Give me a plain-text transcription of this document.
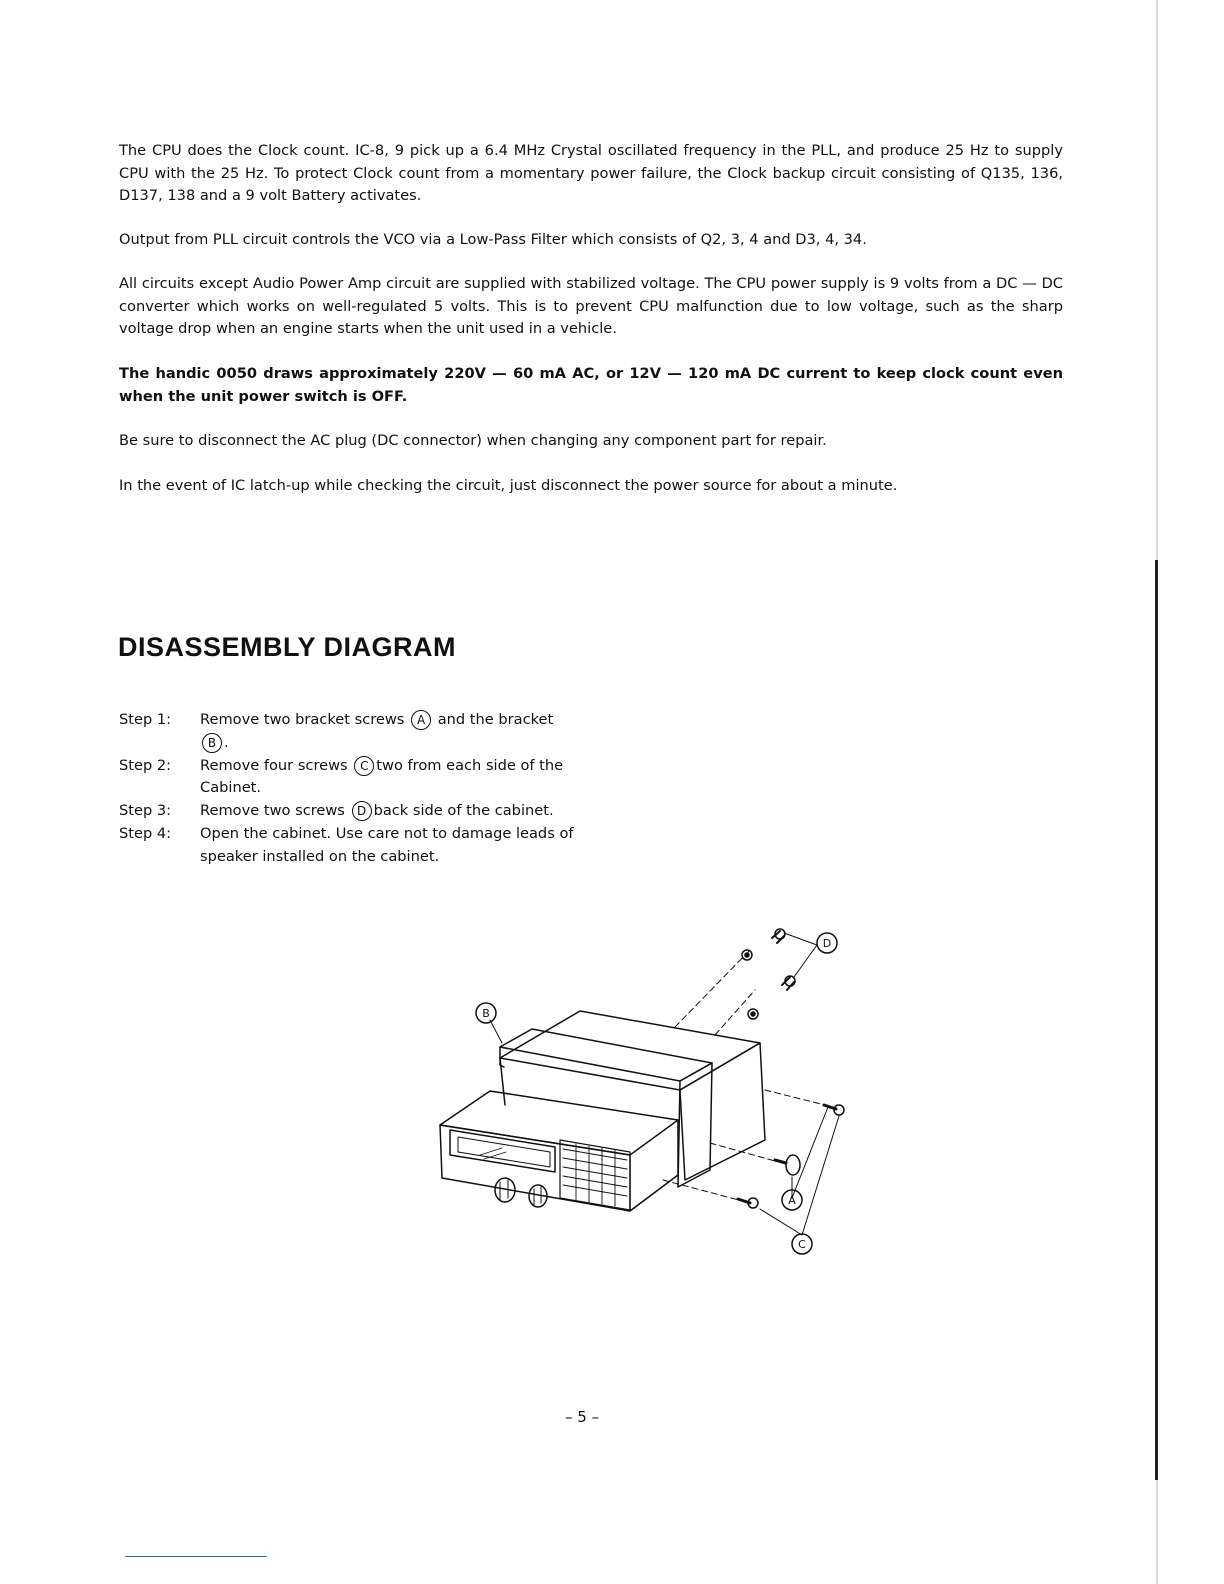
The CPU does the Clock count. IC-8, 9 pick up a 6.4 MHz Crystal oscillated frequency in the PLL, and produce 25 Hz to supply CPU with the 25 Hz. To protect Clock count from a momentary power failure, the Clock backup circuit consisting of Q135, 136, D137, 138 and a 9 volt Battery activates.

Output from PLL circuit controls the VCO via a Low-Pass Filter which consists of Q2, 3, 4 and D3, 4, 34.

All circuits except Audio Power Amp circuit are supplied with stabilized voltage. The CPU power supply is 9 volts from a DC — DC converter which works on well-regulated 5 volts. This is to prevent CPU malfunction due to low voltage, such as the sharp voltage drop when an engine starts when the unit used in a vehicle.

The handic 0050 draws approximately 220V — 60 mA AC, or 12V — 120 mA DC current to keep clock count even when the unit power switch is OFF.

Be sure to disconnect the AC plug (DC connector) when changing any component part for repair.

In the event of IC latch-up while checking the circuit, just disconnect the power source for about a minute.

DISASSEMBLY DIAGRAM
Step 1:	Remove two bracket screws A and the bracket
B .
Step 2:	Remove four screws C two from each side of the Cabinet.
Step 3:	Remove two screws D back side of the cabinet.
Step 4:	Open the cabinet. Use care not to damage leads of speaker installed on the cabinet.
B
D
A
C
– 5 –
